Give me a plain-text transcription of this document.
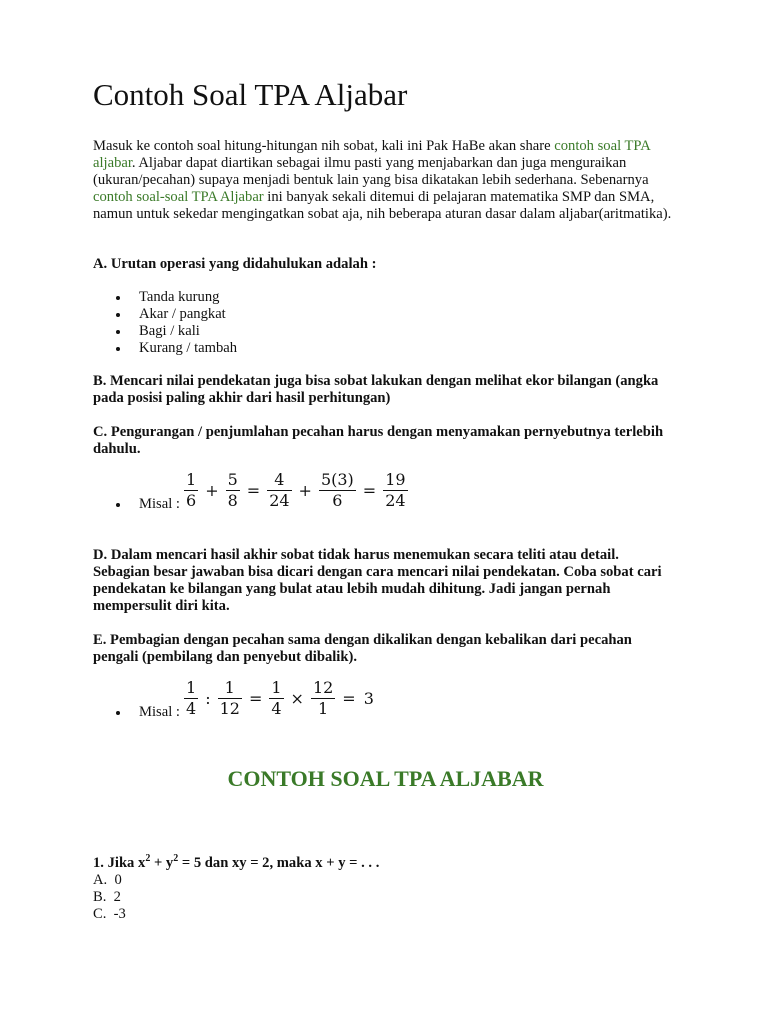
Contoh Soal TPA Aljabar

Masuk ke contoh soal hitung-hitungan nih sobat, kali ini Pak HaBe akan share contoh soal TPA aljabar. Aljabar dapat diartikan sebagai ilmu pasti yang menjabarkan dan juga menguraikan (ukuran/pecahan) supaya menjadi bentuk lain yang bisa dikatakan lebih sederhana. Sebenarnya contoh soal-soal TPA Aljabar ini banyak sekali ditemui di pelajaran matematika SMP dan SMA, namun untuk sekedar mengingatkan sobat aja, nih beberapa aturan dasar dalam aljabar(aritmatika).

A. Urutan operasi yang didahulukan adalah :

Tanda kurung
Akar / pangkat
Bagi / kali
Kurang / tambah

B. Mencari nilai pendekatan juga bisa sobat lakukan dengan melihat ekor bilangan (angka pada posisi paling akhir dari hasil perhitungan)

C. Pengurangan / penjumlahan pecahan harus dengan menyamakan pernyebutnya terlebih dahulu.

Misal : $\frac{1}{6} + \frac{5}{8} = \frac{4}{24} + \frac{5(3)}{6} = \frac{19}{24}$

D. Dalam mencari hasil akhir sobat tidak harus menemukan secara teliti atau detail. Sebagian besar jawaban bisa dicari dengan cara mencari nilai pendekatan. Coba sobat cari pendekatan ke bilangan yang bulat atau lebih mudah dihitung. Jadi jangan pernah mempersulit diri kita.

E. Pembagian dengan pecahan sama dengan dikalikan dengan kebalikan dari pecahan pengali (pembilang dan penyebut dibalik).

Misal : $\frac{1}{4}$ : $\frac{1}{12} = \frac{1}{4} \times \frac{12}{1} = 3$
CONTOH SOAL TPA ALJABAR
1. Jika $x^2 + y^2 = 5$ dan xy = 2, maka x + y = . . .
A.  0
B.  2
C.  -3
